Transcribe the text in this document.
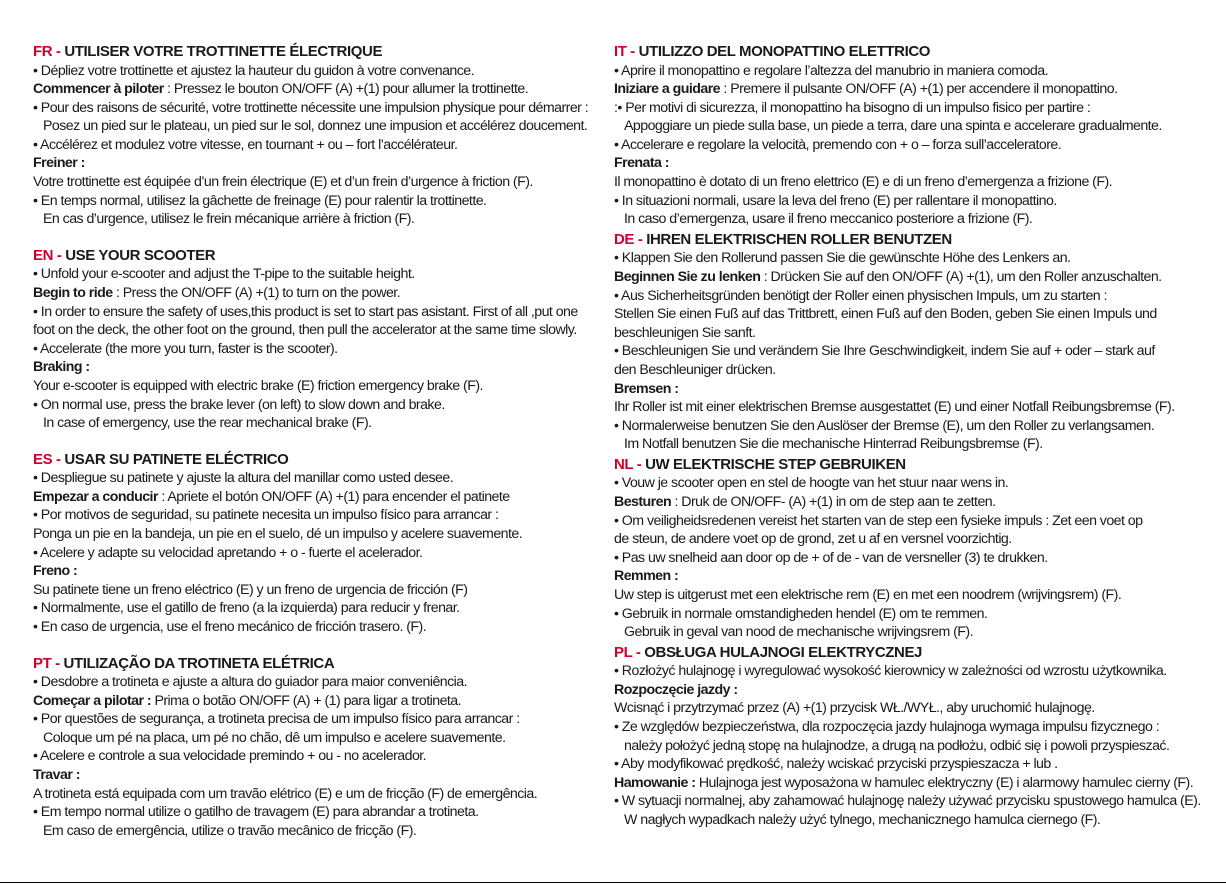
FR - UTILISER VOTRE TROTTINETTE ÉLECTRIQUE
• Dépliez votre trottinette et ajustez la hauteur du guidon à votre convenance.
Commencer à piloter : Pressez le bouton ON/OFF (A) +(1) pour allumer la trottinette.
• Pour des raisons de sécurité, votre trottinette nécessite une impulsion physique pour démarrer :
Posez un pied sur le plateau, un pied sur le sol, donnez une impusion et accélérez doucement.
• Accélérez et modulez votre vitesse, en tournant + ou – fort l’accélérateur.
Freiner :
Votre trottinette est équipée d’un frein électrique (E) et d’un frein d’urgence à friction (F).
• En temps normal, utilisez la gâchette de freinage (E) pour ralentir la trottinette.
En cas d’urgence, utilisez le frein mécanique arrière à friction (F).
EN - USE YOUR SCOOTER
• Unfold your e-scooter and adjust the T-pipe to the suitable height.
Begin to ride : Press the ON/OFF (A) +(1) to turn on the power.
• In order to ensure the safety of uses,this product is set to start pas asistant. First of all ,put one
foot on the deck, the other foot on the ground, then pull the accelerator at the same time slowly.
• Accelerate (the more you turn, faster is the scooter).
Braking :
Your e-scooter is equipped with electric brake (E) friction emergency brake (F).
• On normal use, press the brake lever (on left) to slow down and brake.
In case of emergency, use the rear mechanical brake (F).
ES - USAR SU PATINETE ELÉCTRICO
• Despliegue su patinete y ajuste la altura del manillar como usted desee.
Empezar a conducir : Apriete el botón ON/OFF (A) +(1) para encender el patinete
• Por motivos de seguridad, su patinete necesita un impulso físico para arrancar :
Ponga un pie en la bandeja, un pie en el suelo, dé un impulso y acelere suavemente.
• Acelere y adapte su velocidad apretando + o - fuerte el acelerador.
Freno :
Su patinete tiene un freno eléctrico (E) y un freno de urgencia de fricción (F)
• Normalmente, use el gatillo de freno (a la izquierda) para reducir y frenar.
• En caso de urgencia, use el freno mecánico de fricción trasero. (F).
PT - UTILIZAÇÃO DA TROTINETA ELÉTRICA
• Desdobre a trotineta e ajuste a altura do guiador para maior conveniência.
Começar a pilotar : Prima o botão ON/OFF (A) + (1) para ligar a trotineta.
• Por questões de segurança, a trotineta precisa de um impulso físico para arrancar :
Coloque um pé na placa, um pé no chão, dê um impulso e acelere suavemente.
• Acelere e controle a sua velocidade premindo + ou - no acelerador.
Travar :
A trotineta está equipada com um travão elétrico (E) e um de fricção (F) de emergência.
• Em tempo normal utilize o gatilho de travagem (E) para abrandar a trotineta.
Em caso de emergência, utilize o travão mecânico de fricção (F).
IT - UTILIZZO DEL MONOPATTINO ELETTRICO
• Aprire il monopattino e regolare l’altezza del manubrio in maniera comoda.
Iniziare a guidare : Premere il pulsante ON/OFF (A) +(1) per accendere il monopattino.
:• Per motivi di sicurezza, il monopattino ha bisogno di un impulso fisico per partire :
Appoggiare un piede sulla base, un piede a terra, dare una spinta e accelerare gradualmente.
• Accelerare e regolare la velocità, premendo con + o – forza sull’acceleratore.
Frenata :
Il monopattino è dotato di un freno elettrico (E) e di un freno d’emergenza a frizione (F).
• In situazioni normali, usare la leva del freno (E) per rallentare il monopattino.
In caso d’emergenza, usare il freno meccanico posteriore a frizione (F).
DE - IHREN ELEKTRISCHEN ROLLER BENUTZEN
• Klappen Sie den Rollerund passen Sie die gewünschte Höhe des Lenkers an.
Beginnen Sie zu lenken : Drücken Sie auf den ON/OFF (A) +(1), um den Roller anzuschalten.
• Aus Sicherheitsgründen benötigt der Roller einen physischen Impuls, um zu starten :
Stellen Sie einen Fuß auf das Trittbrett, einen Fuß auf den Boden, geben Sie einen Impuls und
beschleunigen Sie sanft.
• Beschleunigen Sie und verändern Sie Ihre Geschwindigkeit, indem Sie auf + oder – stark auf
den Beschleuniger drücken.
Bremsen :
Ihr Roller ist mit einer elektrischen Bremse ausgestattet (E) und einer Notfall Reibungsbremse (F).
• Normalerweise benutzen Sie den Auslöser der Bremse (E), um den Roller zu verlangsamen.
Im Notfall benutzen Sie die mechanische Hinterrad Reibungsbremse (F).
NL - UW ELEKTRISCHE STEP GEBRUIKEN
• Vouw je scooter open en stel de hoogte van het stuur naar wens in.
Besturen : Druk de ON/OFF- (A) +(1) in om de step aan te zetten.
• Om veiligheidsredenen vereist het starten van de step een fysieke impuls : Zet een voet op
de steun, de andere voet op de grond, zet u af en versnel voorzichtig.
• Pas uw snelheid aan door op de + of de - van de versneller (3) te drukken.
Remmen :
Uw step is uitgerust met een elektrische rem (E) en met een noodrem (wrijvingsrem) (F).
• Gebruik in normale omstandigheden hendel (E) om te remmen.
Gebruik in geval van nood de mechanische wrijvingsrem (F).
PL - OBSŁUGA HULAJNOGI ELEKTRYCZNEJ
• Rozłożyć hulajnogę i wyregulować wysokość kierownicy w zależności od wzrostu użytkownika.
Rozpoczęcie jazdy :
Wcisnąć i przytrzymać przez (A) +(1) przycisk WŁ./WYŁ., aby uruchomić hulajnogę.
• Ze względów bezpieczeństwa, dla rozpoczęcia jazdy hulajnoga wymaga impulsu fizycznego :
należy położyć jedną stopę na hulajnodze, a drugą na podłożu, odbić się i powoli przyspieszać.
• Aby modyfikować prędkość, należy wciskać przyciski przyspieszacza + lub .
Hamowanie : Hulajnoga jest wyposażona w hamulec elektryczny (E) i alarmowy hamulec cierny (F).
• W sytuacji normalnej, aby zahamować hulajnogę należy używać przycisku spustowego hamulca (E).
W nagłych wypadkach należy użyć tylnego, mechanicznego hamulca ciernego (F).
